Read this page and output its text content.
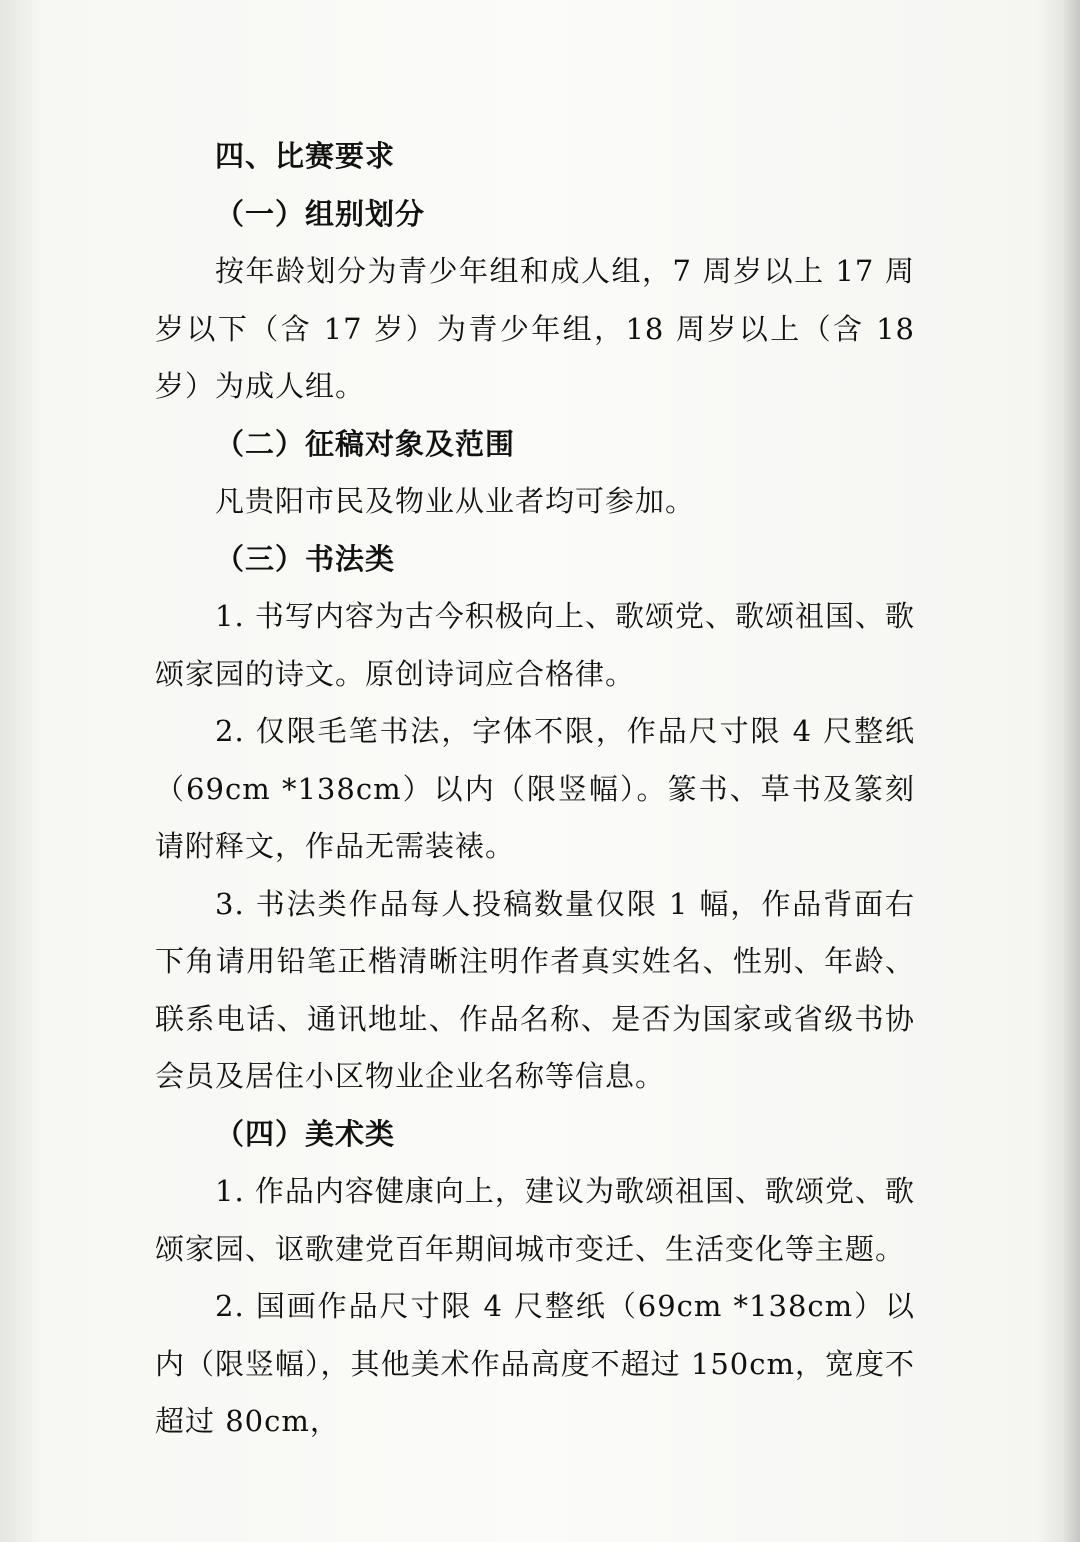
四、比赛要求

（一）组别划分

按年龄划分为青少年组和成人组，7 周岁以上 17 周岁以下（含 17 岁）为青少年组，18 周岁以上（含 18 岁）为成人组。

（二）征稿对象及范围

凡贵阳市民及物业从业者均可参加。

（三）书法类

1. 书写内容为古今积极向上、歌颂党、歌颂祖国、歌颂家园的诗文。原创诗词应合格律。

2. 仅限毛笔书法，字体不限，作品尺寸限 4 尺整纸（69cm *138cm）以内（限竖幅）。篆书、草书及篆刻请附释文，作品无需装裱。

3. 书法类作品每人投稿数量仅限 1 幅，作品背面右下角请用铅笔正楷清晰注明作者真实姓名、性别、年龄、联系电话、通讯地址、作品名称、是否为国家或省级书协会员及居住小区物业企业名称等信息。

（四）美术类

1. 作品内容健康向上，建议为歌颂祖国、歌颂党、歌颂家园、讴歌建党百年期间城市变迁、生活变化等主题。

2. 国画作品尺寸限 4 尺整纸（69cm *138cm）以内（限竖幅），其他美术作品高度不超过 150cm，宽度不超过 80cm，
